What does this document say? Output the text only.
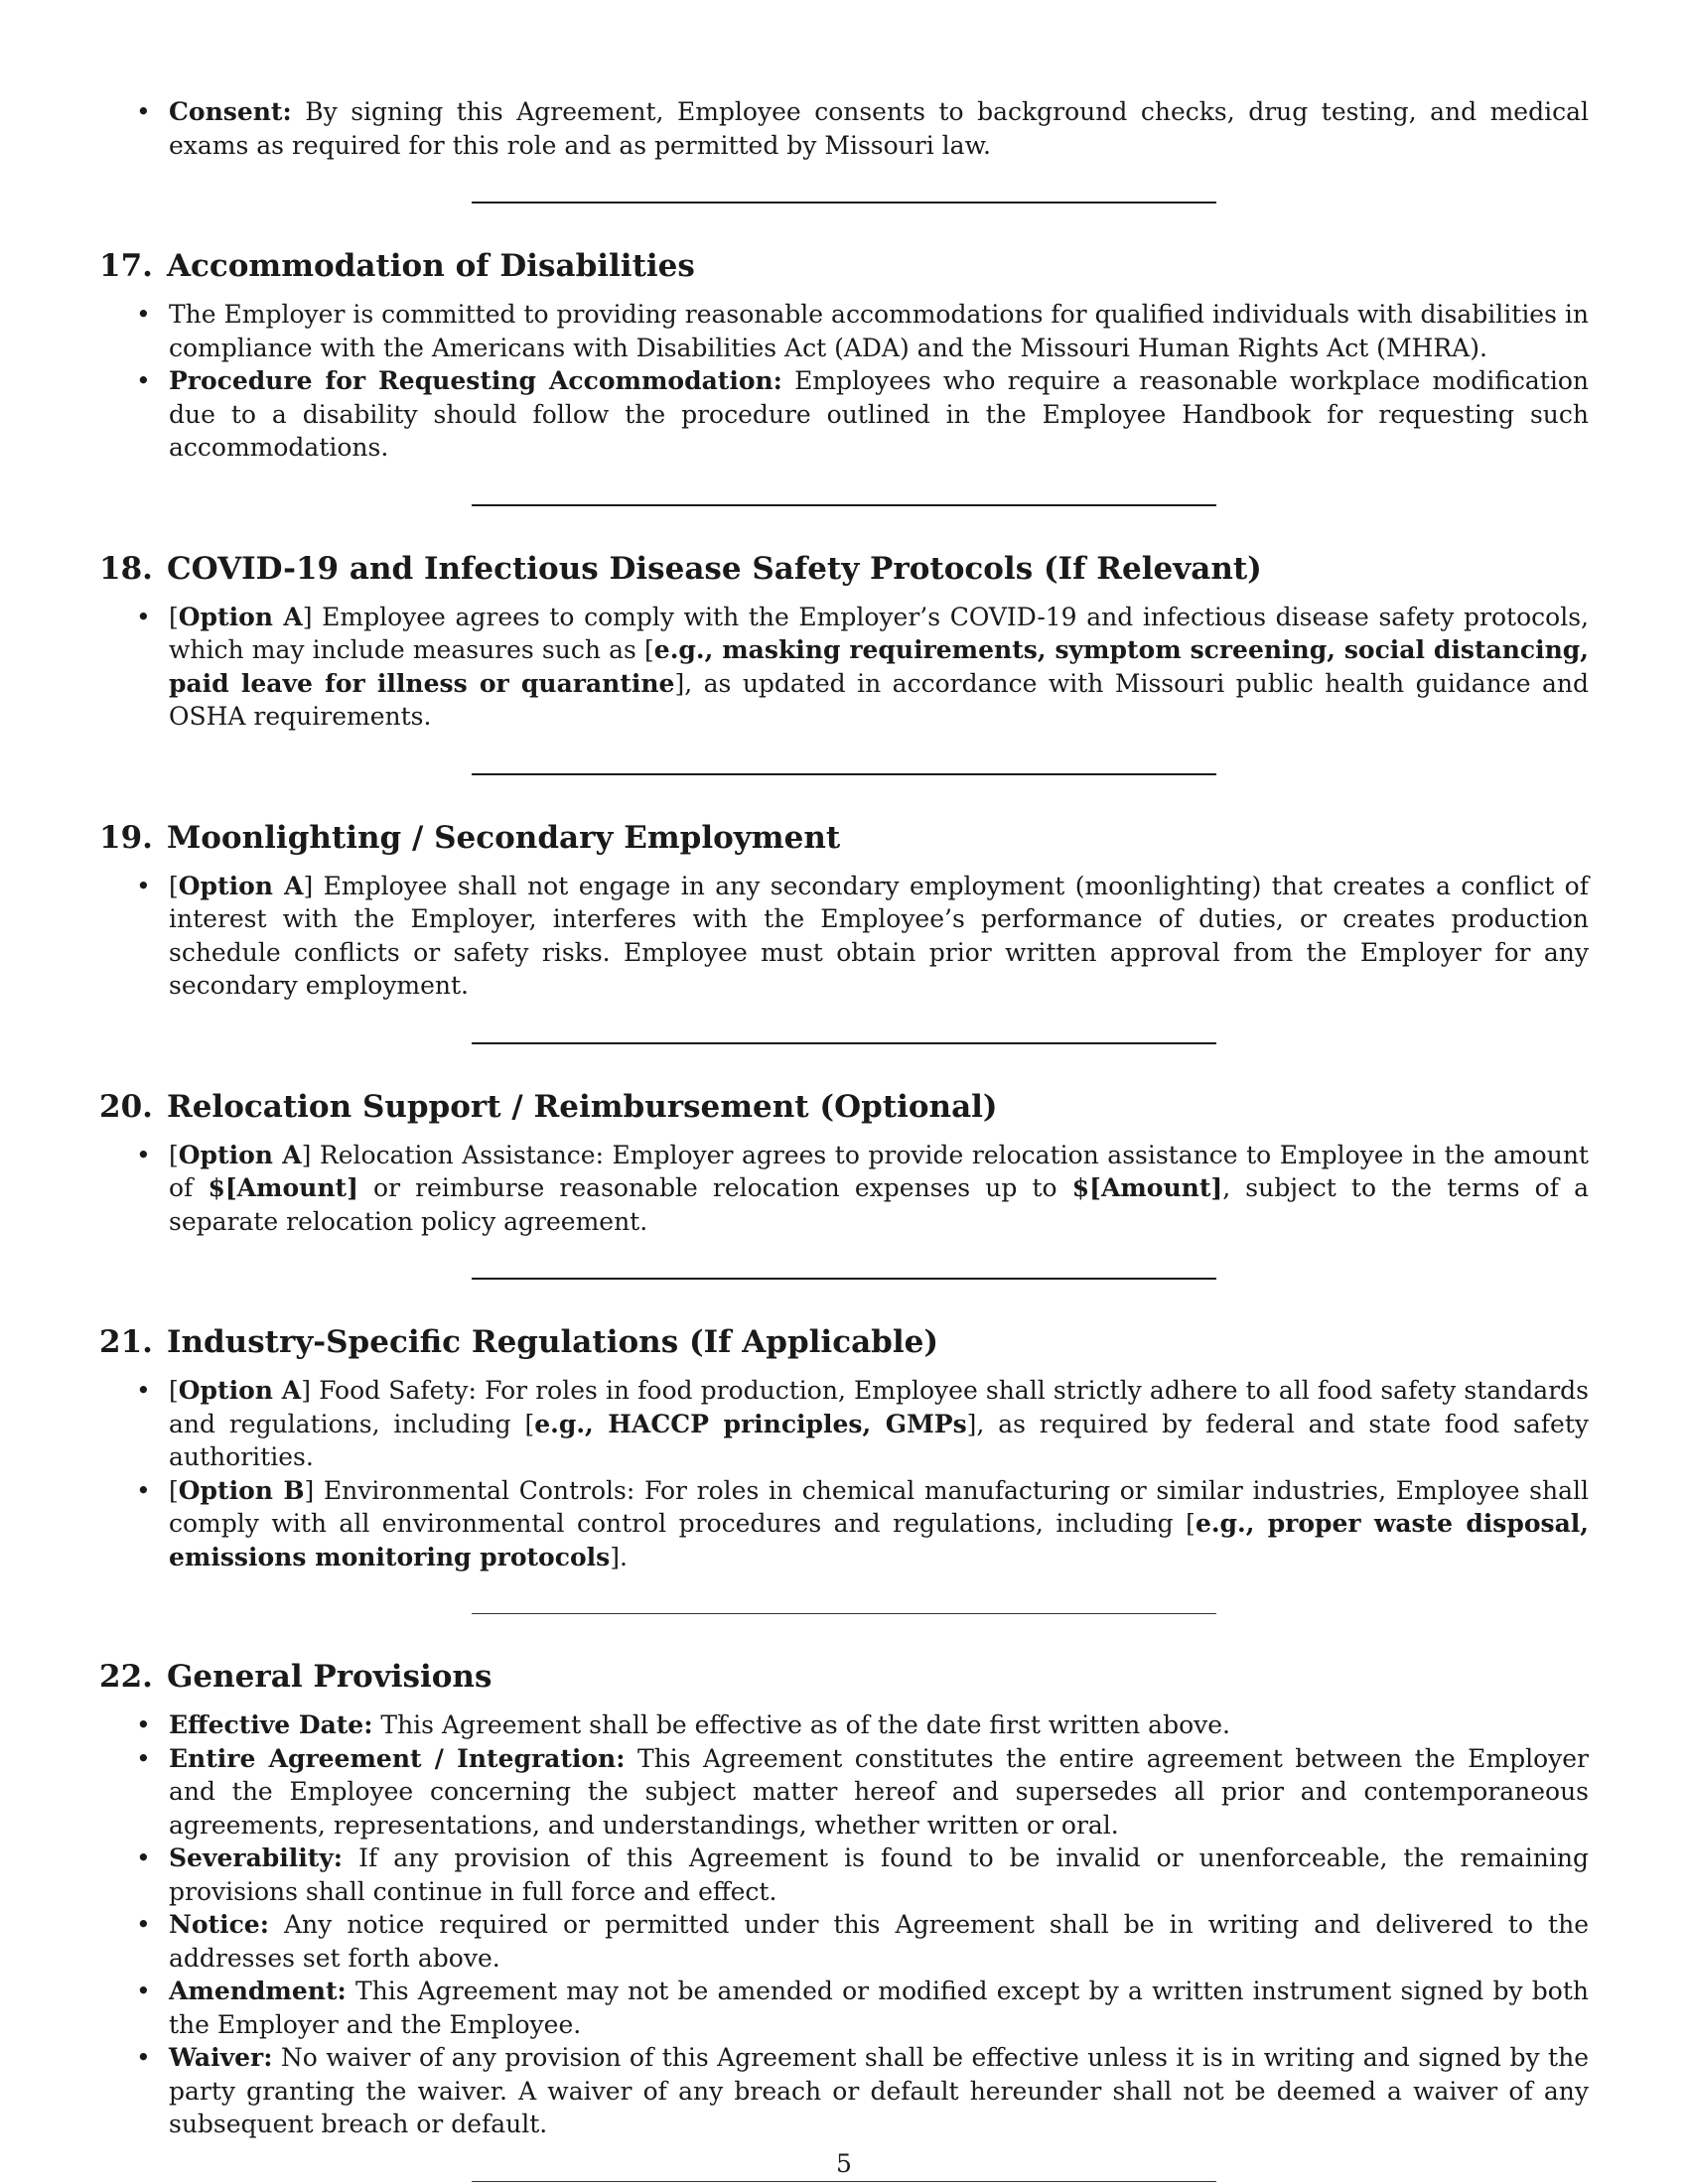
• Consent: By signing this Agreement, Employee consents to background checks, drug testing, and medical exams as required for this role and as permitted by Missouri law.
17. Accommodation of Disabilities
• The Employer is committed to providing reasonable accommodations for qualified individuals with disabilities in compliance with the Americans with Disabilities Act (ADA) and the Missouri Human Rights Act (MHRA).
• Procedure for Requesting Accommodation: Employees who require a reasonable workplace modification due to a disability should follow the procedure outlined in the Employee Handbook for requesting such accommodations.
18. COVID-19 and Infectious Disease Safety Protocols (If Relevant)
• [Option A] Employee agrees to comply with the Employer’s COVID-19 and infectious disease safety protocols, which may include measures such as [e.g., masking requirements, symptom screening, social distancing, paid leave for illness or quarantine], as updated in accordance with Missouri public health guidance and OSHA requirements.
19. Moonlighting / Secondary Employment
• [Option A] Employee shall not engage in any secondary employment (moonlighting) that creates a conflict of interest with the Employer, interferes with the Employee’s performance of duties, or creates production schedule conflicts or safety risks. Employee must obtain prior written approval from the Employer for any secondary employment.
20. Relocation Support / Reimbursement (Optional)
• [Option A] Relocation Assistance: Employer agrees to provide relocation assistance to Employee in the amount of $[Amount] or reimburse reasonable relocation expenses up to $[Amount], subject to the terms of a separate relocation policy agreement.
21. Industry-Specific Regulations (If Applicable)
• [Option A] Food Safety: For roles in food production, Employee shall strictly adhere to all food safety standards and regulations, including [e.g., HACCP principles, GMPs], as required by federal and state food safety authorities.
• [Option B] Environmental Controls: For roles in chemical manufacturing or similar industries, Employee shall comply with all environmental control procedures and regulations, including [e.g., proper waste disposal, emissions monitoring protocols].
22. General Provisions
• Effective Date: This Agreement shall be effective as of the date first written above.
• Entire Agreement / Integration: This Agreement constitutes the entire agreement between the Employer and the Employee concerning the subject matter hereof and supersedes all prior and contemporaneous agreements, representations, and understandings, whether written or oral.
• Severability: If any provision of this Agreement is found to be invalid or unenforceable, the remaining provisions shall continue in full force and effect.
• Notice: Any notice required or permitted under this Agreement shall be in writing and delivered to the addresses set forth above.
• Amendment: This Agreement may not be amended or modified except by a written instrument signed by both the Employer and the Employee.
• Waiver: No waiver of any provision of this Agreement shall be effective unless it is in writing and signed by the party granting the waiver. A waiver of any breach or default hereunder shall not be deemed a waiver of any subsequent breach or default.
5
